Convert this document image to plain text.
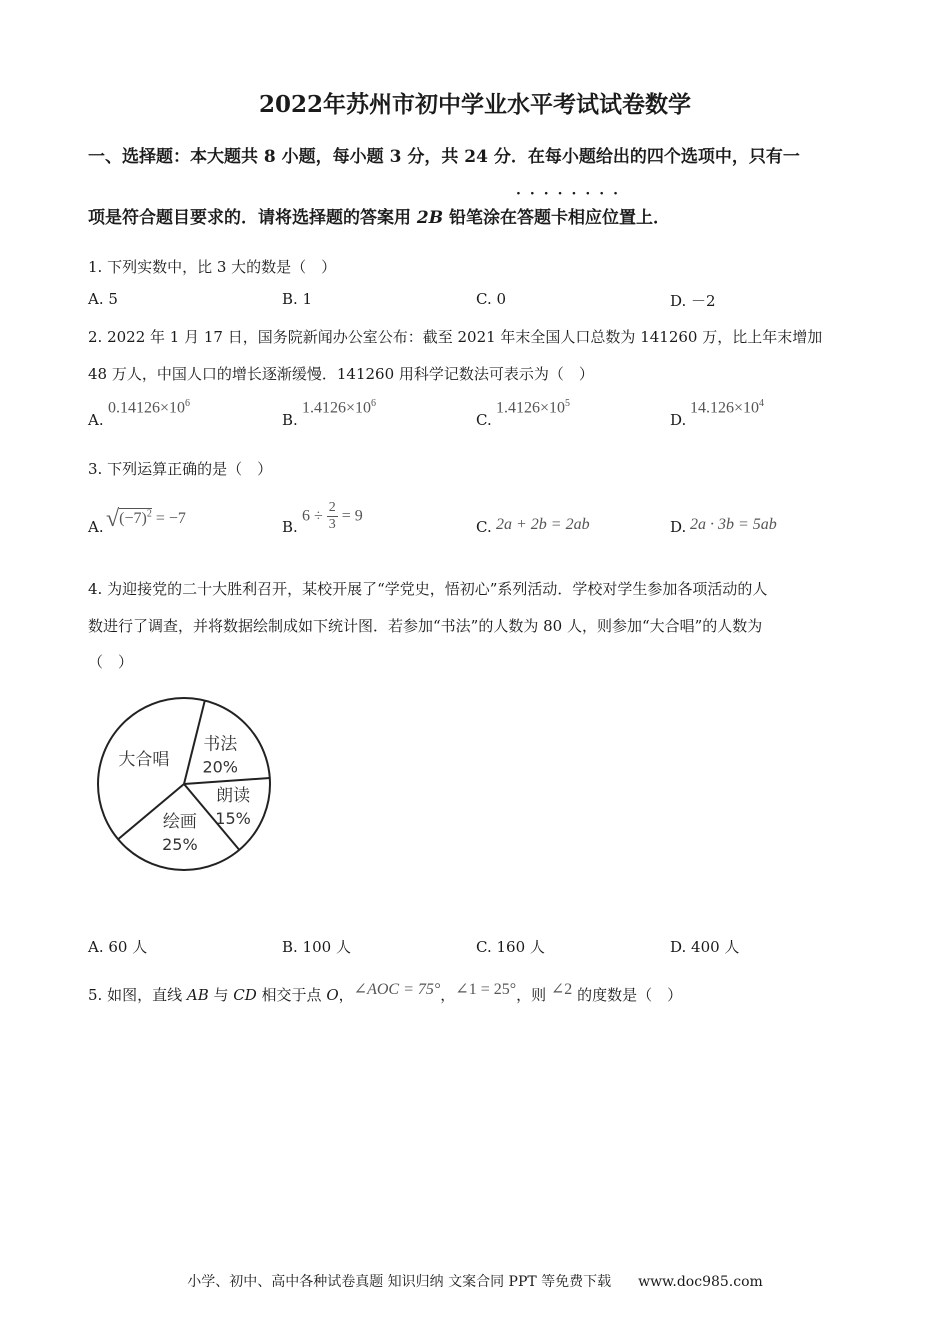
2022年苏州市初中学业水平考试试卷数学
一、选择题：本大题共 8 小题，每小题 3 分，共 24 分．在每小题给出的四个选项中，只有一
项是符合题目要求的．请将选择题的答案用 2B 铅笔涂在
········
答题卡相应位置上．
1. 下列实数中，比 3 大的数是（　）
A. 5	B. 1	C. 0	D. －2
2. 2022 年 1 月 17 日，国务院新闻办公室公布：截至 2021 年末全国人口总数为 141260 万，比上年末增加
48 万人，中国人口的增长逐渐缓慢．141260 用科学记数法可表示为（　）
A.
$0.14126\times 10^6$
B.
$1.4126\times 10^6$
C.
$1.4126\times 10^5$
D.
$14.126\times 10^4$
3. 下列运算正确的是（　）
A. $√(-7)^2 = -7$	B.
$6 \div \frac{2}{3} = 9$
C. 2a + 2b = 2ab	D. 2a · 3b = 5ab
4. 为迎接党的二十大胜利召开，某校开展了“学党史，悟初心”系列活动．学校对学生参加各项活动的人
数进行了调查，并将数据绘制成如下统计图．若参加“书法”的人数为 80 人，则参加“大合唱”的人数为
（　）
书法
20%
朗读
15%
绘画
25%
大合唱
A. 60 人	B. 100 人	C. 160 人	D. 400 人
5. 如图，直线 AB 与 CD 相交于点 O，∠AOC = 75°，∠1 = 25°，则 ∠2 的度数是（　）
小学、初中、高中各种试卷真题 知识归纳 文案合同 PPT 等免费下载 www.doc985.com
